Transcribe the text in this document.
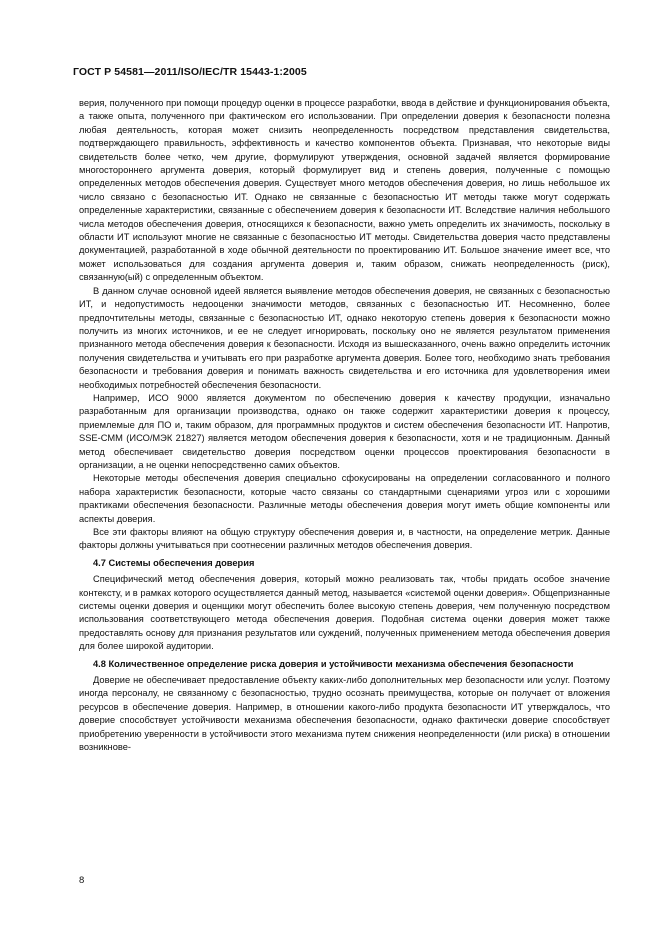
ГОСТ Р 54581—2011/ISO/IEC/TR 15443-1:2005

верия, полученного при помощи процедур оценки в процессе разработки, ввода в действие и функционирования объекта, а также опыта, полученного при фактическом его использовании. При определении доверия к безопасности полезна любая деятельность, которая может снизить неопределенность посредством представления свидетельства, подтверждающего правильность, эффективность и качество компонентов объекта. Признавая, что некоторые виды свидетельств более четко, чем другие, формулируют утверждения, основной задачей является формирование многостороннего аргумента доверия, который формулирует вид и степень доверия, полученные с помощью определенных методов обеспечения доверия. Существует много методов обеспечения доверия, но лишь небольшое их число связано с безопасностью ИТ. Однако не связанные с безопасностью ИТ методы также могут содержать определенные характеристики, связанные с обеспечением доверия к безопасности ИТ. Вследствие наличия небольшого числа методов обеспечения доверия, относящихся к безопасности, важно уметь определить их значимость, поскольку в области ИТ используют многие не связанные с безопасностью ИТ методы. Свидетельства доверия часто представлены документацией, разработанной в ходе обычной деятельности по проектированию ИТ. Большое значение имеет все, что может использоваться для создания аргумента доверия и, таким образом, снижать неопределенность (риск), связанную(ый) с определенным объектом.

В данном случае основной идеей является выявление методов обеспечения доверия, не связанных с безопасностью ИТ, и недопустимость недооценки значимости методов, связанных с безопасностью ИТ. Несомненно, более предпочтительны методы, связанные с безопасностью ИТ, однако некоторую степень доверия к безопасности можно получить из многих источников, и ее не следует игнорировать, поскольку оно не является результатом применения признанного метода обеспечения доверия к безопасности. Исходя из вышесказанного, очень важно определить источник получения свидетельства и учитывать его при разработке аргумента доверия. Более того, необходимо знать требования безопасности и требования доверия и понимать важность свидетельства и его источника для удовлетворения имеи необходимых потребностей обеспечения безопасности.

Например, ИСО 9000 является документом по обеспечению доверия к качеству продукции, изначально разработанным для организации производства, однако он также содержит характеристики доверия к процессу, приемлемые для ПО и, таким образом, для программных продуктов и систем обеспечения безопасности ИТ. Напротив, SSE-CMM (ИСО/МЭК 21827) является методом обеспечения доверия к безопасности, хотя и не традиционным. Данный метод обеспечивает свидетельство доверия посредством оценки процессов проектирования безопасности в организации, а не оценки непосредственно самих объектов.

Некоторые методы обеспечения доверия специально сфокусированы на определении согласованного и полного набора характеристик безопасности, которые часто связаны со стандартными сценариями угроз или с хорошими практиками обеспечения безопасности. Различные методы обеспечения доверия могут иметь общие компоненты или аспекты доверия.

Все эти факторы влияют на общую структуру обеспечения доверия и, в частности, на определение метрик. Данные факторы должны учитываться при соотнесении различных методов обеспечения доверия.

4.7 Системы обеспечения доверия

Специфический метод обеспечения доверия, который можно реализовать так, чтобы придать особое значение контексту, и в рамках которого осуществляется данный метод, называется «системой оценки доверия». Общепризнанные системы оценки доверия и оценщики могут обеспечить более высокую степень доверия, чем полученную посредством использования соответствующего метода обеспечения доверия. Подобная система оценки доверия может также предоставлять основу для признания результатов или суждений, полученных применением метода обеспечения доверия для более широкой аудитории.

4.8 Количественное определение риска доверия и устойчивости механизма обеспечения безопасности

Доверие не обеспечивает предоставление объекту каких-либо дополнительных мер безопасности или услуг. Поэтому иногда персоналу, не связанному с безопасностью, трудно осознать преимущества, которые он получает от вложения ресурсов в обеспечение доверия. Например, в отношении какого-либо продукта безопасности ИТ утверждалось, что доверие способствует устойчивости механизма обеспечения безопасности, однако фактически доверие способствует приобретению уверенности в устойчивости этого механизма путем снижения неопределенности (или риска) в отношении возникнове-

8
